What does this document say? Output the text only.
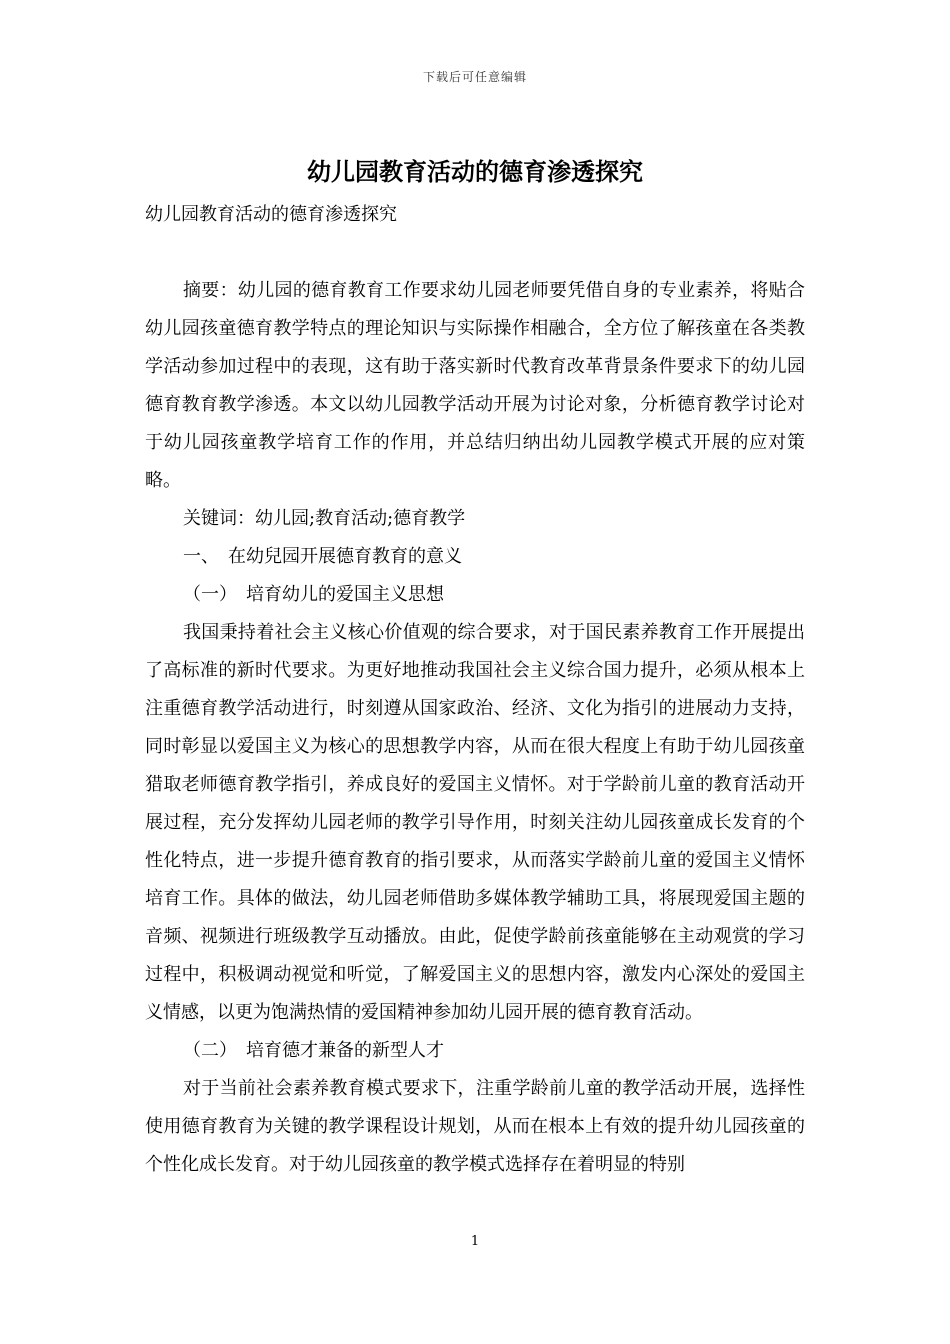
下载后可任意编辑
幼儿园教育活动的德育渗透探究

幼儿园教育活动的德育渗透探究

摘要：幼儿园的德育教育工作要求幼儿园老师要凭借自身的专业素养，将贴合幼儿园孩童德育教学特点的理论知识与实际操作相融合，全方位了解孩童在各类教学活动参加过程中的表现，这有助于落实新时代教育改革背景条件要求下的幼儿园德育教育教学渗透。本文以幼儿园教学活动开展为讨论对象，分析德育教学讨论对于幼儿园孩童教学培育工作的作用，并总结归纳出幼儿园教学模式开展的应对策略。

关键词：幼儿园;教育活动;德育教学

一、　在幼兒园开展德育教育的意义

（一）　培育幼儿的爱国主义思想

我国秉持着社会主义核心价值观的综合要求，对于国民素养教育工作开展提出了高标准的新时代要求。为更好地推动我国社会主义综合国力提升，必须从根本上注重德育教学活动进行，时刻遵从国家政治、经济、文化为指引的进展动力支持，同时彰显以爱国主义为核心的思想教学内容，从而在很大程度上有助于幼儿园孩童猎取老师德育教学指引，养成良好的爱国主义情怀。对于学龄前儿童的教育活动开展过程，充分发挥幼儿园老师的教学引导作用，时刻关注幼儿园孩童成长发育的个性化特点，进一步提升德育教育的指引要求，从而落实学龄前儿童的爱国主义情怀培育工作。具体的做法，幼儿园老师借助多媒体教学辅助工具，将展现爱国主题的音频、视频进行班级教学互动播放。由此，促使学龄前孩童能够在主动观赏的学习过程中，积极调动视觉和听觉，了解爱国主义的思想内容，激发内心深处的爱国主义情感，以更为饱满热情的爱国精神参加幼儿园开展的德育教育活动。

（二）　培育德才兼备的新型人才

对于当前社会素养教育模式要求下，注重学龄前儿童的教学活动开展，选择性使用德育教育为关键的教学课程设计规划，从而在根本上有效的提升幼儿园孩童的个性化成长发育。对于幼儿园孩童的教学模式选择存在着明显的特别

1
